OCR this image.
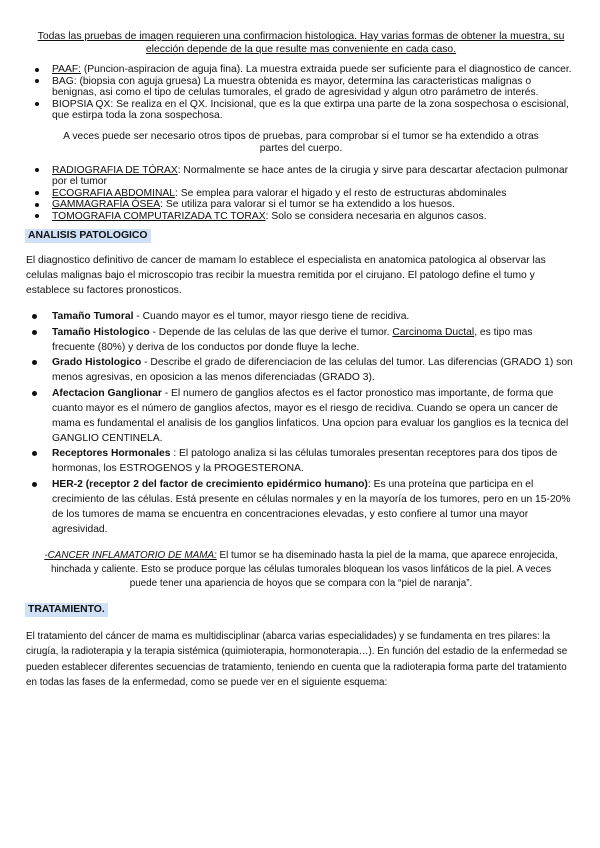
Todas las pruebas de imagen requieren una confirmacion histologica. Hay varias formas de obtener la muestra, su elección depende de la que resulte mas conveniente en cada caso.

PAAF: (Puncion-aspiracion de aguja fina). La muestra extraida puede ser suficiente para el diagnostico de cancer.
BAG: (biopsia con aguja gruesa) La muestra obtenida es mayor, determina las caracteristicas malignas o benignas, asi como el tipo de celulas tumorales, el grado de agresividad y algun otro parámetro de interés.
BIOPSIA QX: Se realiza en el QX. Incisional, que es la que extirpa una parte de la zona sospechosa o escisional, que estirpa toda la zona sospechosa.

A veces puede ser necesario otros tipos de pruebas, para comprobar si el tumor se ha extendido a otras partes del cuerpo.

RADIOGRAFIA DE TÓRAX: Normalmente se hace antes de la cirugia y sirve para descartar afectacion pulmonar por el tumor
ECOGRAFIA ABDOMINAL: Se emplea para valorar el higado y el resto de estructuras abdominales
GAMMAGRAFÍA ÓSEA: Se utiliza para valorar si el tumor se ha extendido a los huesos.
TOMOGRAFIA COMPUTARIZADA TC TORAX: Solo se considera necesaria en algunos casos.
ANALISIS PATOLOGICO

El diagnostico definitivo de cancer de mamam lo establece el especialista en anatomica patologica al observar las celulas malignas bajo el microscopio tras recibir la muestra remitida por el cirujano. El patologo define el tumo y establece su factores pronosticos.

Tamaño Tumoral - Cuando mayor es el tumor, mayor riesgo tiene de recidiva.
Tamaño Histologico - Depende de las celulas de las que derive el tumor. Carcinoma Ductal, es tipo mas frecuente (80%) y deriva de los conductos por donde fluye la leche.
Grado Histologico - Describe el grado de diferenciacion de las celulas del tumor. Las diferencias (GRADO 1) son menos agresivas, en oposicion a las menos diferenciadas (GRADO 3).
Afectacion Ganglionar - El numero de ganglios afectos es el factor pronostico mas importante, de forma que cuanto mayor es el número de ganglios afectos, mayor es el riesgo de recidiva. Cuando se opera un cancer de mama es fundamental el analisis de los ganglios linfaticos. Una opcion para evaluar los ganglios es la tecnica del GANGLIO CENTINELA.
Receptores Hormonales : El patologo analiza si las células tumorales presentan receptores para dos tipos de hormonas, los ESTROGENOS y la PROGESTERONA.
HER-2 (receptor 2 del factor de crecimiento epidérmico humano): Es una proteína que participa en el crecimiento de las células. Está presente en células normales y en la mayoría de los tumores, pero en un 15-20% de los tumores de mama se encuentra en concentraciones elevadas, y esto confiere al tumor una mayor agresividad.

-CANCER INFLAMATORIO DE MAMA: El tumor se ha diseminado hasta la piel de la mama, que aparece enrojecida, hinchada y caliente. Esto se produce porque las células tumorales bloquean los vasos linfáticos de la piel. A veces puede tener una apariencia de hoyos que se compara con la “piel de naranja”.

TRATAMIENTO.

El tratamiento del cáncer de mama es multidisciplinar (abarca varias especialidades) y se fundamenta en tres pilares: la cirugía, la radioterapia y la terapia sistémica (quimioterapia, hormonoterapia…). En función del estadio de la enfermedad se pueden establecer diferentes secuencias de tratamiento, teniendo en cuenta que la radioterapia forma parte del tratamiento en todas las fases de la enfermedad, como se puede ver en el siguiente esquema:
